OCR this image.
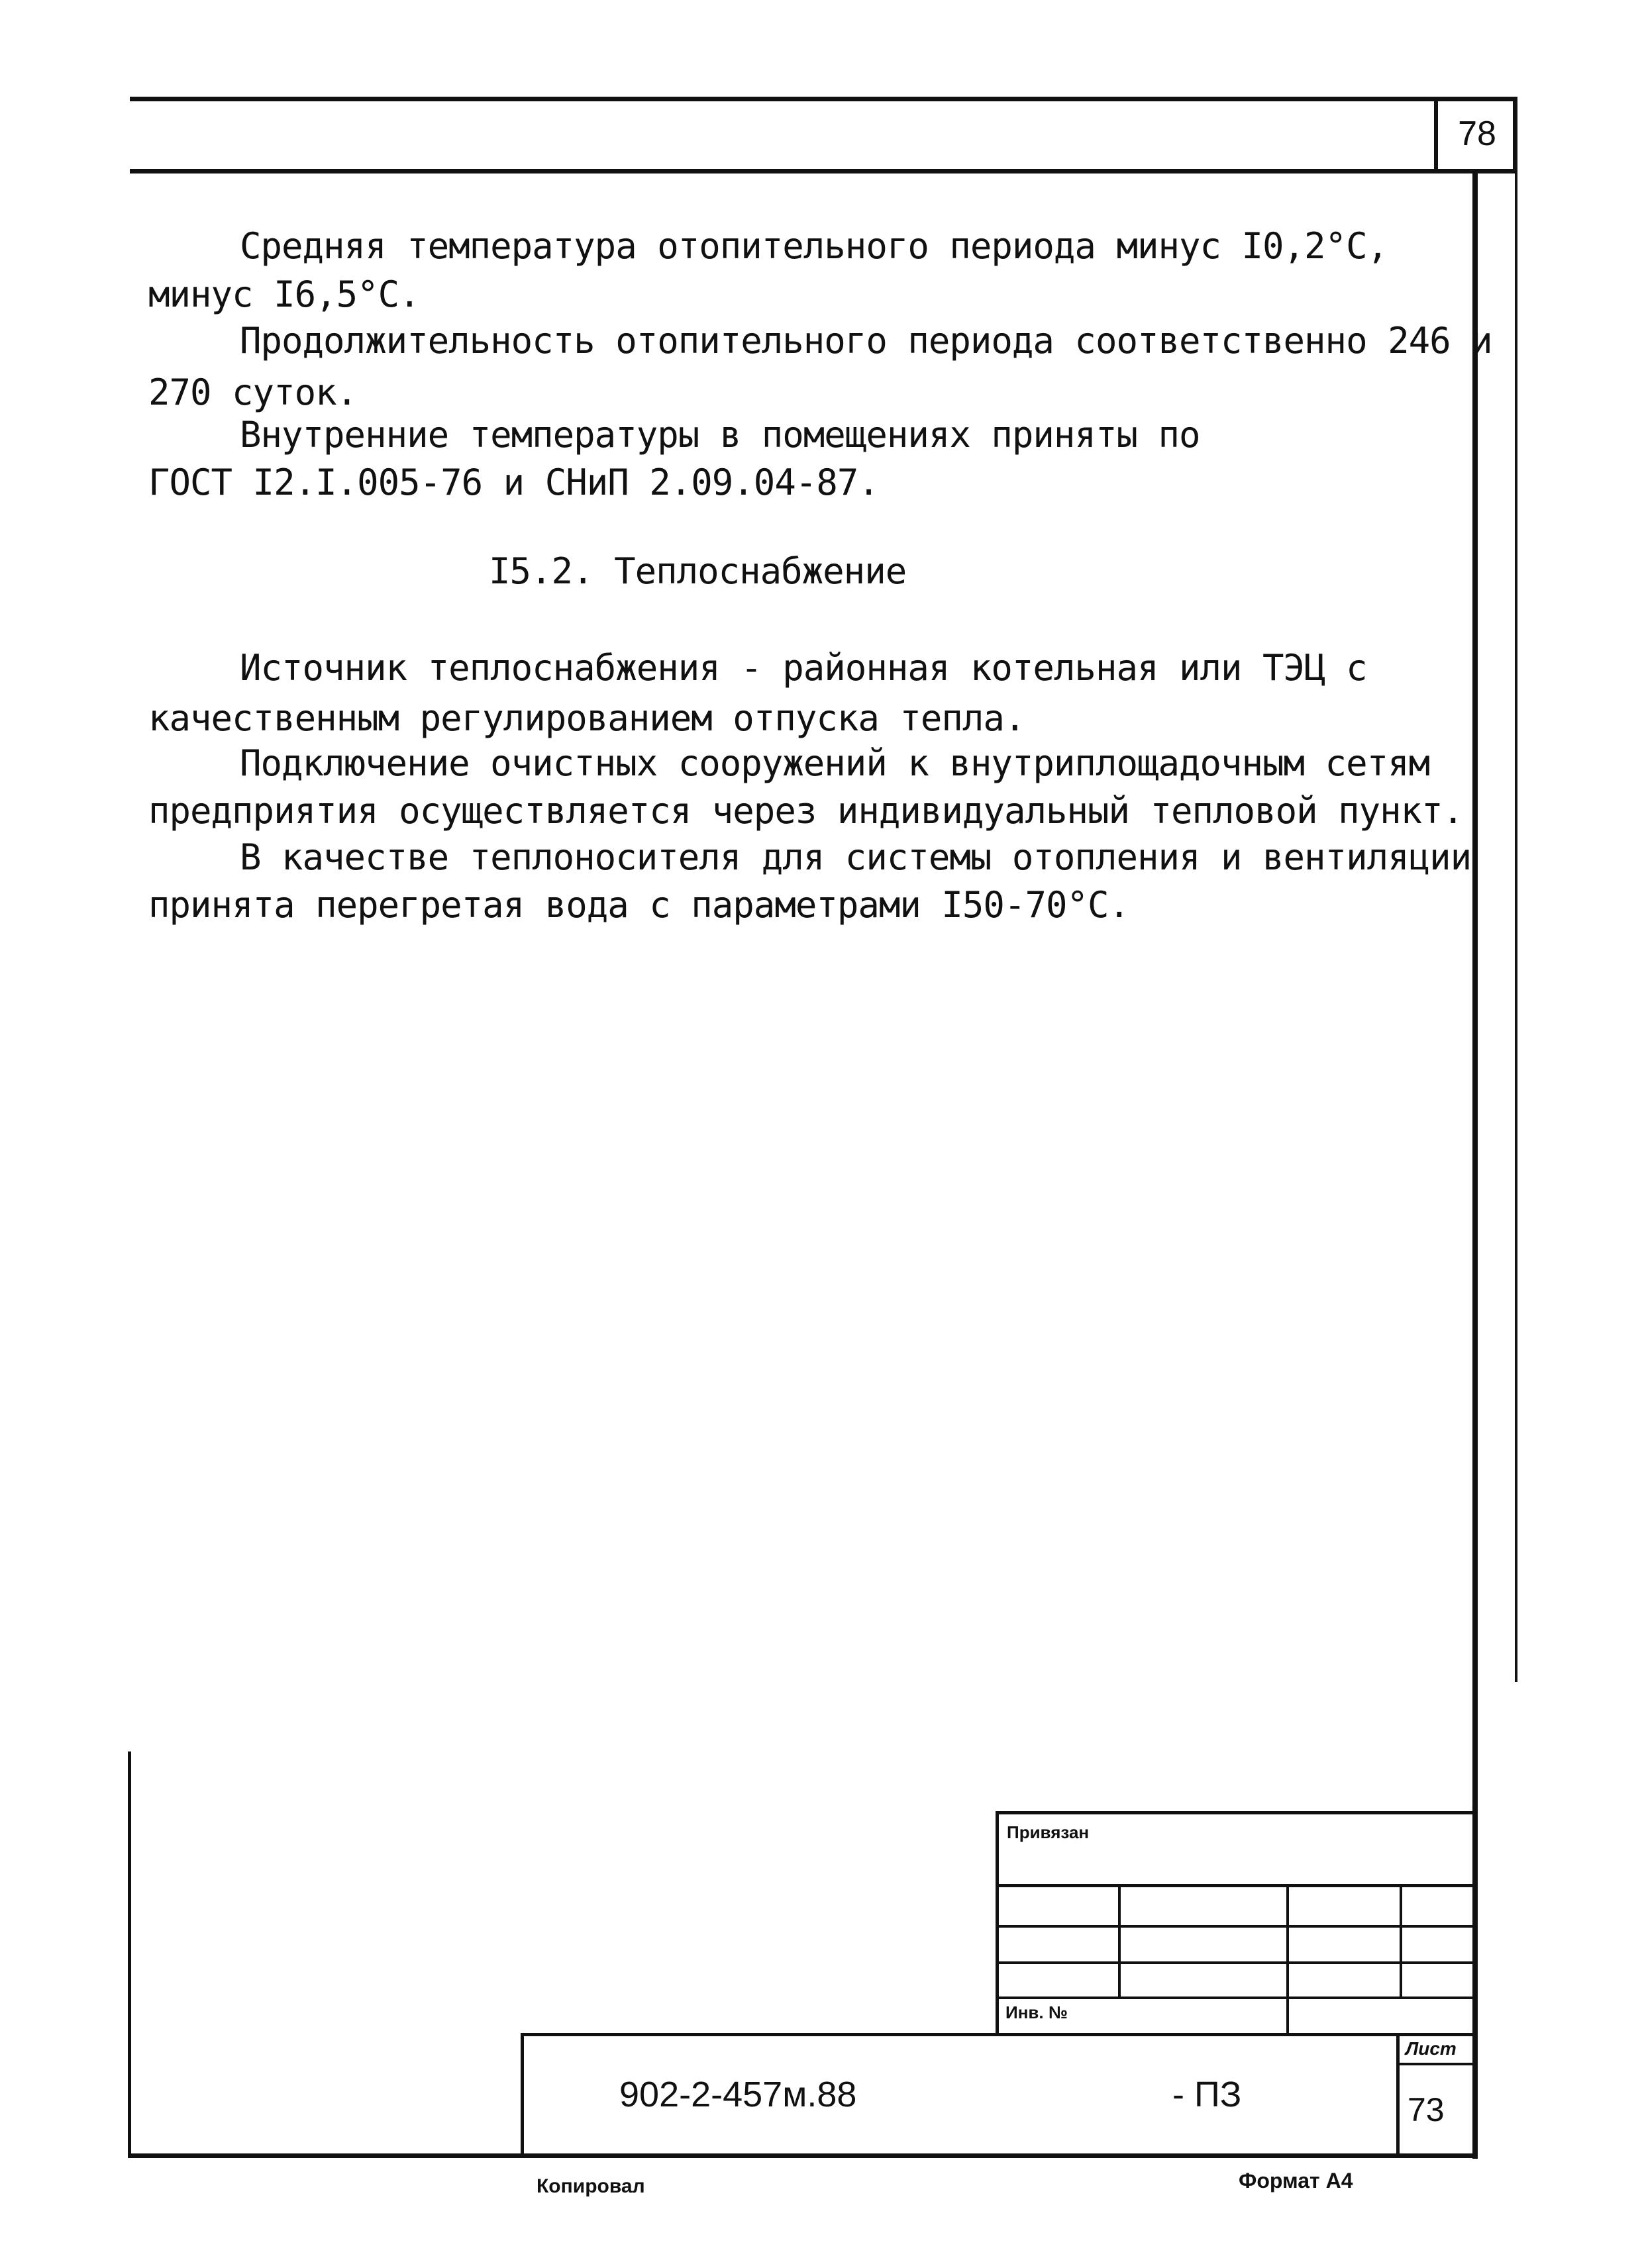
78
Средняя температура отопительного периода минус I0,2°С,
минус I6,5°С.
Продолжительность отопительного периода соответственно 246 и
270 суток.
Внутренние температуры в помещениях приняты по
ГОСТ I2.I.005-76 и СНиП 2.09.04-87.
I5.2. Теплоснабжение
Источник теплоснабжения - районная котельная или ТЭЦ с
качественным регулированием отпуска тепла.
Подключение очистных сооружений к внутриплощадочным сетям
предприятия осуществляется через индивидуальный тепловой пункт.
В качестве теплоносителя для системы отопления и вентиляции
принята перегретая вода с параметрами I50-70°С.
Привязан
Инв. №
Лист
73
902-2-457м.88	- ПЗ
Копировал	Формат А4
